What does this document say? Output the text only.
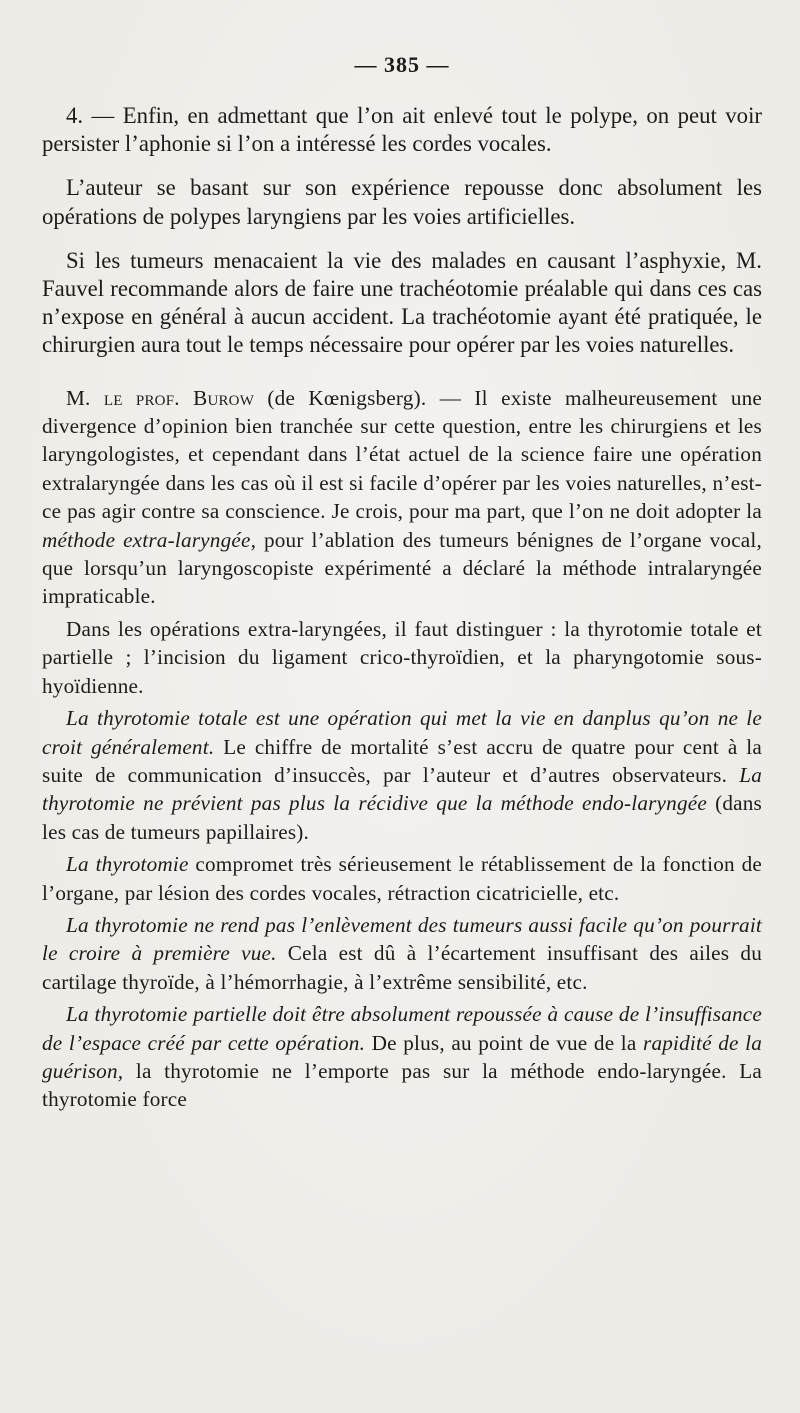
— 385 —

4. — Enfin, en admettant que l’on ait enlevé tout le polype, on peut voir persister l’aphonie si l’on a intéressé les cordes vocales.

L’auteur se basant sur son expérience repousse donc absolument les opérations de polypes laryngiens par les voies artificielles.

Si les tumeurs menacaient la vie des malades en causant l’asphyxie, M. Fauvel recommande alors de faire une trachéotomie préalable qui dans ces cas n’expose en général à aucun accident. La trachéotomie ayant été pratiquée, le chirurgien aura tout le temps nécessaire pour opérer par les voies naturelles.

M. le prof. Burow (de Kœnigsberg). — Il existe malheureusement une divergence d’opinion bien tranchée sur cette question, entre les chirurgiens et les laryngologistes, et cependant dans l’état actuel de la science faire une opération extralaryngée dans les cas où il est si facile d’opérer par les voies naturelles, n’est-ce pas agir contre sa conscience. Je crois, pour ma part, que l’on ne doit adopter la méthode extra-laryngée, pour l’ablation des tumeurs bénignes de l’organe vocal, que lorsqu’un laryngoscopiste expérimenté a déclaré la méthode intralaryngée impraticable.

Dans les opérations extra-laryngées, il faut distinguer : la thyrotomie totale et partielle ; l’incision du ligament crico-thyroïdien, et la pharyngotomie sous-hyoïdienne.

La thyrotomie totale est une opération qui met la vie en danplus qu’on ne le croit généralement. Le chiffre de mortalité s’est accru de quatre pour cent à la suite de communication d’insuccès, par l’auteur et d’autres observateurs. La thyrotomie ne prévient pas plus la récidive que la méthode endo-laryngée (dans les cas de tumeurs papillaires).

La thyrotomie compromet très sérieusement le rétablissement de la fonction de l’organe, par lésion des cordes vocales, rétraction cicatricielle, etc.

La thyrotomie ne rend pas l’enlèvement des tumeurs aussi facile qu’on pourrait le croire à première vue. Cela est dû à l’écartement insuffisant des ailes du cartilage thyroïde, à l’hémorrhagie, à l’extrême sensibilité, etc.

La thyrotomie partielle doit être absolument repoussée à cause de l’insuffisance de l’espace créé par cette opération. De plus, au point de vue de la rapidité de la guérison, la thyrotomie ne l’emporte pas sur la méthode endo-laryngée. La thyrotomie force
